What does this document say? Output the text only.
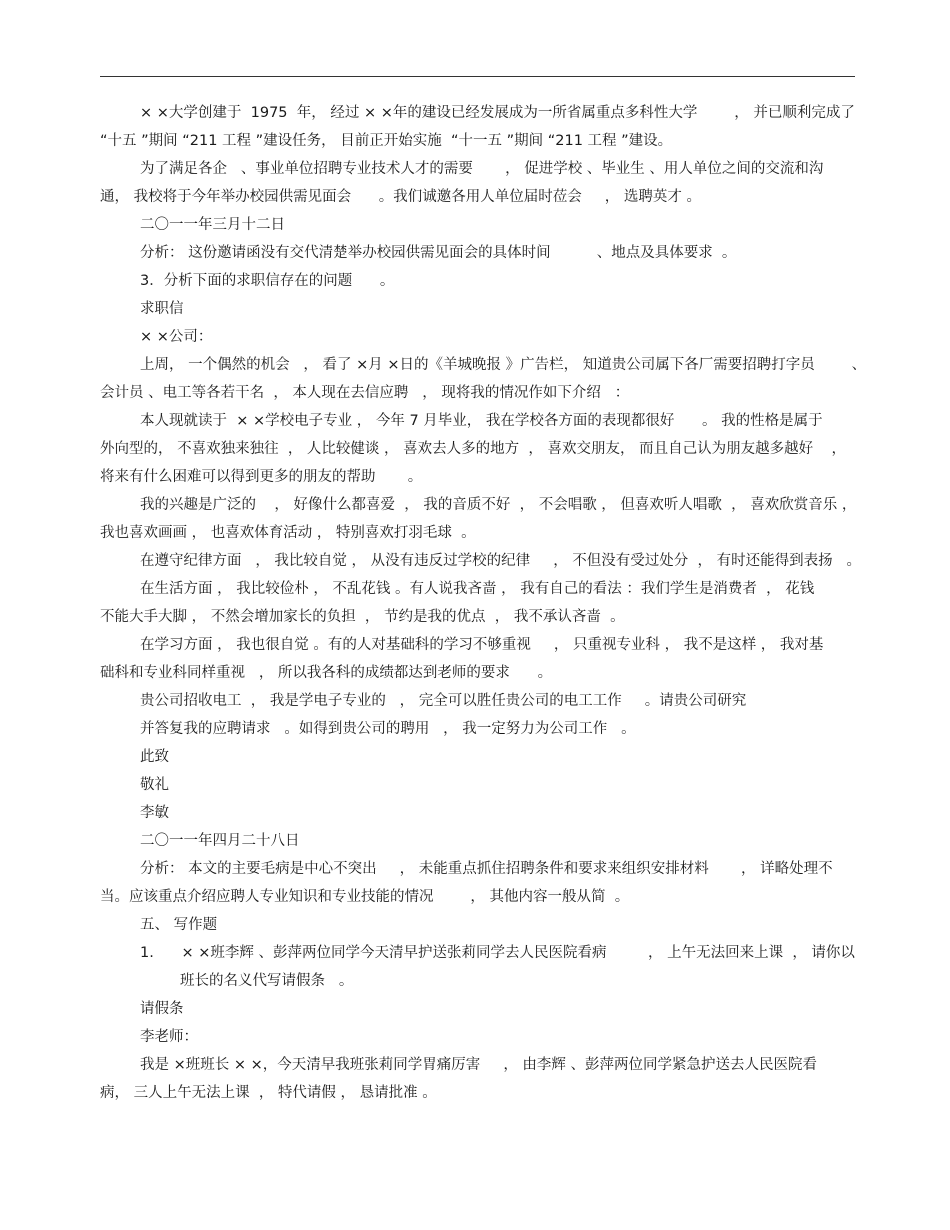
× ×大学创建于  1975  年， 经过 × ×年的建设已经发展成为一所省属重点多科性大学        ， 并已顺利完成了
“十五 ”期间 “211 工程 ”建设任务， 目前正开始实施  “十一五 ”期间 “211 工程 ”建设。
为了满足各企   、事业单位招聘专业技术人才的需要       ， 促进学校 、毕业生 、用人单位之间的交流和沟
通， 我校将于今年举办校园供需见面会      。我们诚邀各用人单位届时莅会     ， 选聘英才 。
二〇一一年三月十二日
分析： 这份邀请函没有交代清楚举办校园供需见面会的具体时间          、地点及具体要求  。
3．分析下面的求职信存在的问题      。
求职信
× ×公司：
上周， 一个偶然的机会   ， 看了 ×月 ×日的《羊城晚报 》广告栏， 知道贵公司属下各厂需要招聘打字员        、
会计员 、电工等各若干名  ， 本人现在去信应聘   ， 现将我的情况作如下介绍   ：
本人现就读于  × ×学校电子专业 ， 今年 7 月毕业， 我在学校各方面的表现都很好      。 我的性格是属于
外向型的， 不喜欢独来独往  ， 人比较健谈 ， 喜欢去人多的地方  ， 喜欢交朋友， 而且自己认为朋友越多越好    ，
将来有什么困难可以得到更多的朋友的帮助       。
我的兴趣是广泛的    ， 好像什么都喜爱  ， 我的音质不好  ， 不会唱歌 ， 但喜欢听人唱歌  ， 喜欢欣赏音乐 ，
我也喜欢画画 ， 也喜欢体育活动 ， 特别喜欢打羽毛球  。
在遵守纪律方面   ， 我比较自觉 ， 从没有违反过学校的纪律     ， 不但没有受过处分  ， 有时还能得到表扬   。
在生活方面 ， 我比较俭朴 ， 不乱花钱 。有人说我吝啬 ， 我有自己的看法 ：我们学生是消费者  ， 花钱
不能大手大脚 ， 不然会增加家长的负担  ， 节约是我的优点  ， 我不承认吝啬  。
在学习方面 ， 我也很自觉 。有的人对基础科的学习不够重视     ， 只重视专业科 ， 我不是这样 ， 我对基
础科和专业科同样重视   ， 所以我各科的成绩都达到老师的要求      。
贵公司招收电工  ， 我是学电子专业的   ， 完全可以胜任贵公司的电工工作     。请贵公司研究
并答复我的应聘请求   。如得到贵公司的聘用   ， 我一定努力为公司工作   。
此致
敬礼
李敏
二〇一一年四月二十八日
分析： 本文的主要毛病是中心不突出     ， 未能重点抓住招聘条件和要求来组织安排材料       ， 详略处理不
当。应该重点介绍应聘人专业知识和专业技能的情况        ， 其他内容一般从简  。
五、 写作题
1.      × ×班李辉 、彭萍两位同学今天清早护送张莉同学去人民医院看病         ， 上午无法回来上课  ， 请你以
班长的名义代写请假条   。
请假条
李老师：
我是 ×班班长 × ×，今天清早我班张莉同学胃痛厉害     ， 由李辉 、彭萍两位同学紧急护送去人民医院看
病， 三人上午无法上课  ， 特代请假 ， 恳请批准 。
